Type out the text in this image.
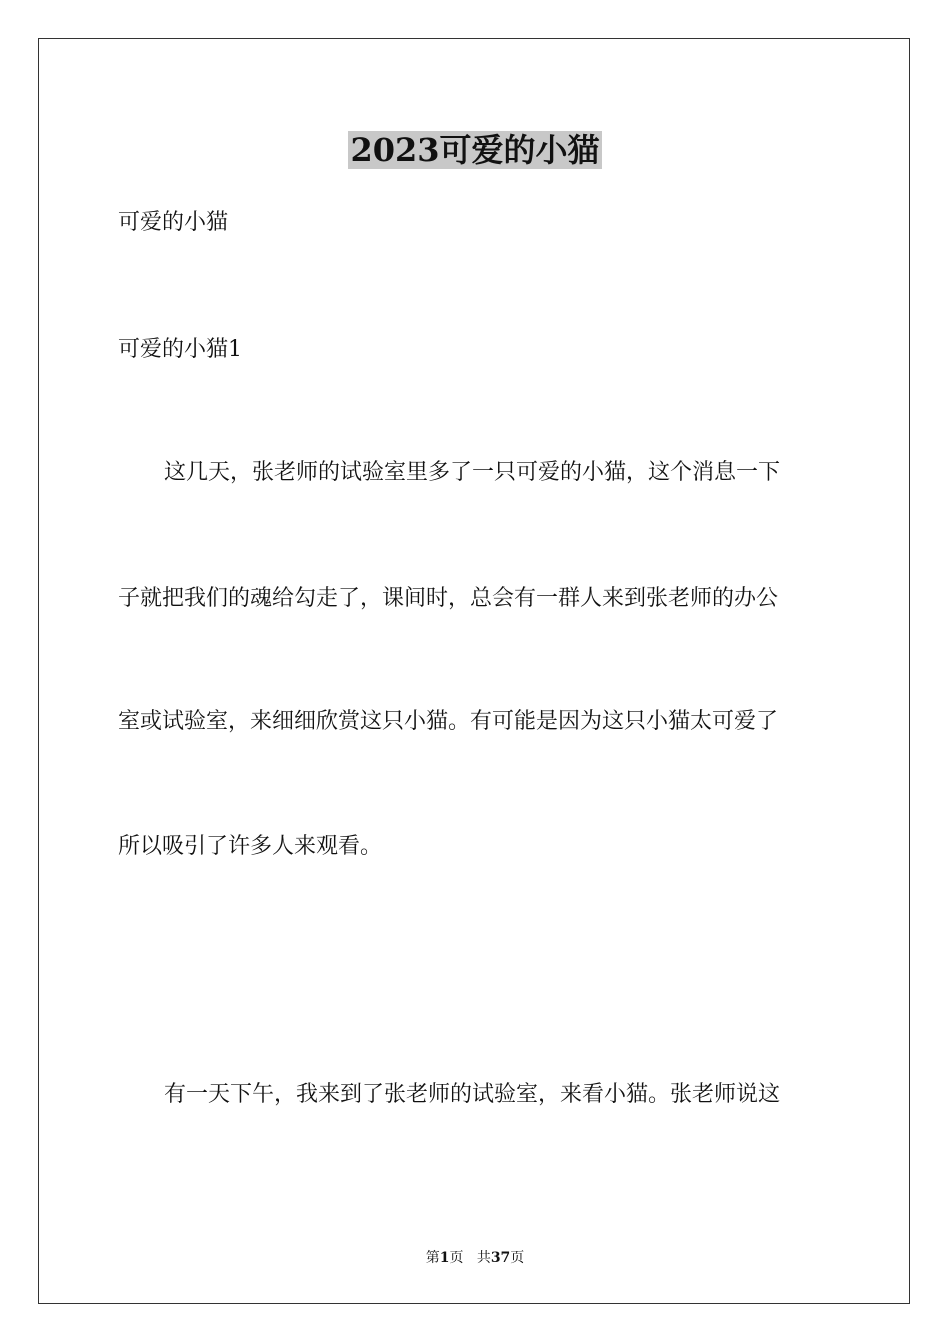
2023可爱的小猫
可爱的小猫
可爱的小猫1
这几天，张老师的试验室里多了一只可爱的小猫，这个消息一下
子就把我们的魂给勾走了，课间时，总会有一群人来到张老师的办公
室或试验室，来细细欣赏这只小猫。有可能是因为这只小猫太可爱了
所以吸引了许多人来观看。
有一天下午，我来到了张老师的试验室，来看小猫。张老师说这
第1页 共37页
